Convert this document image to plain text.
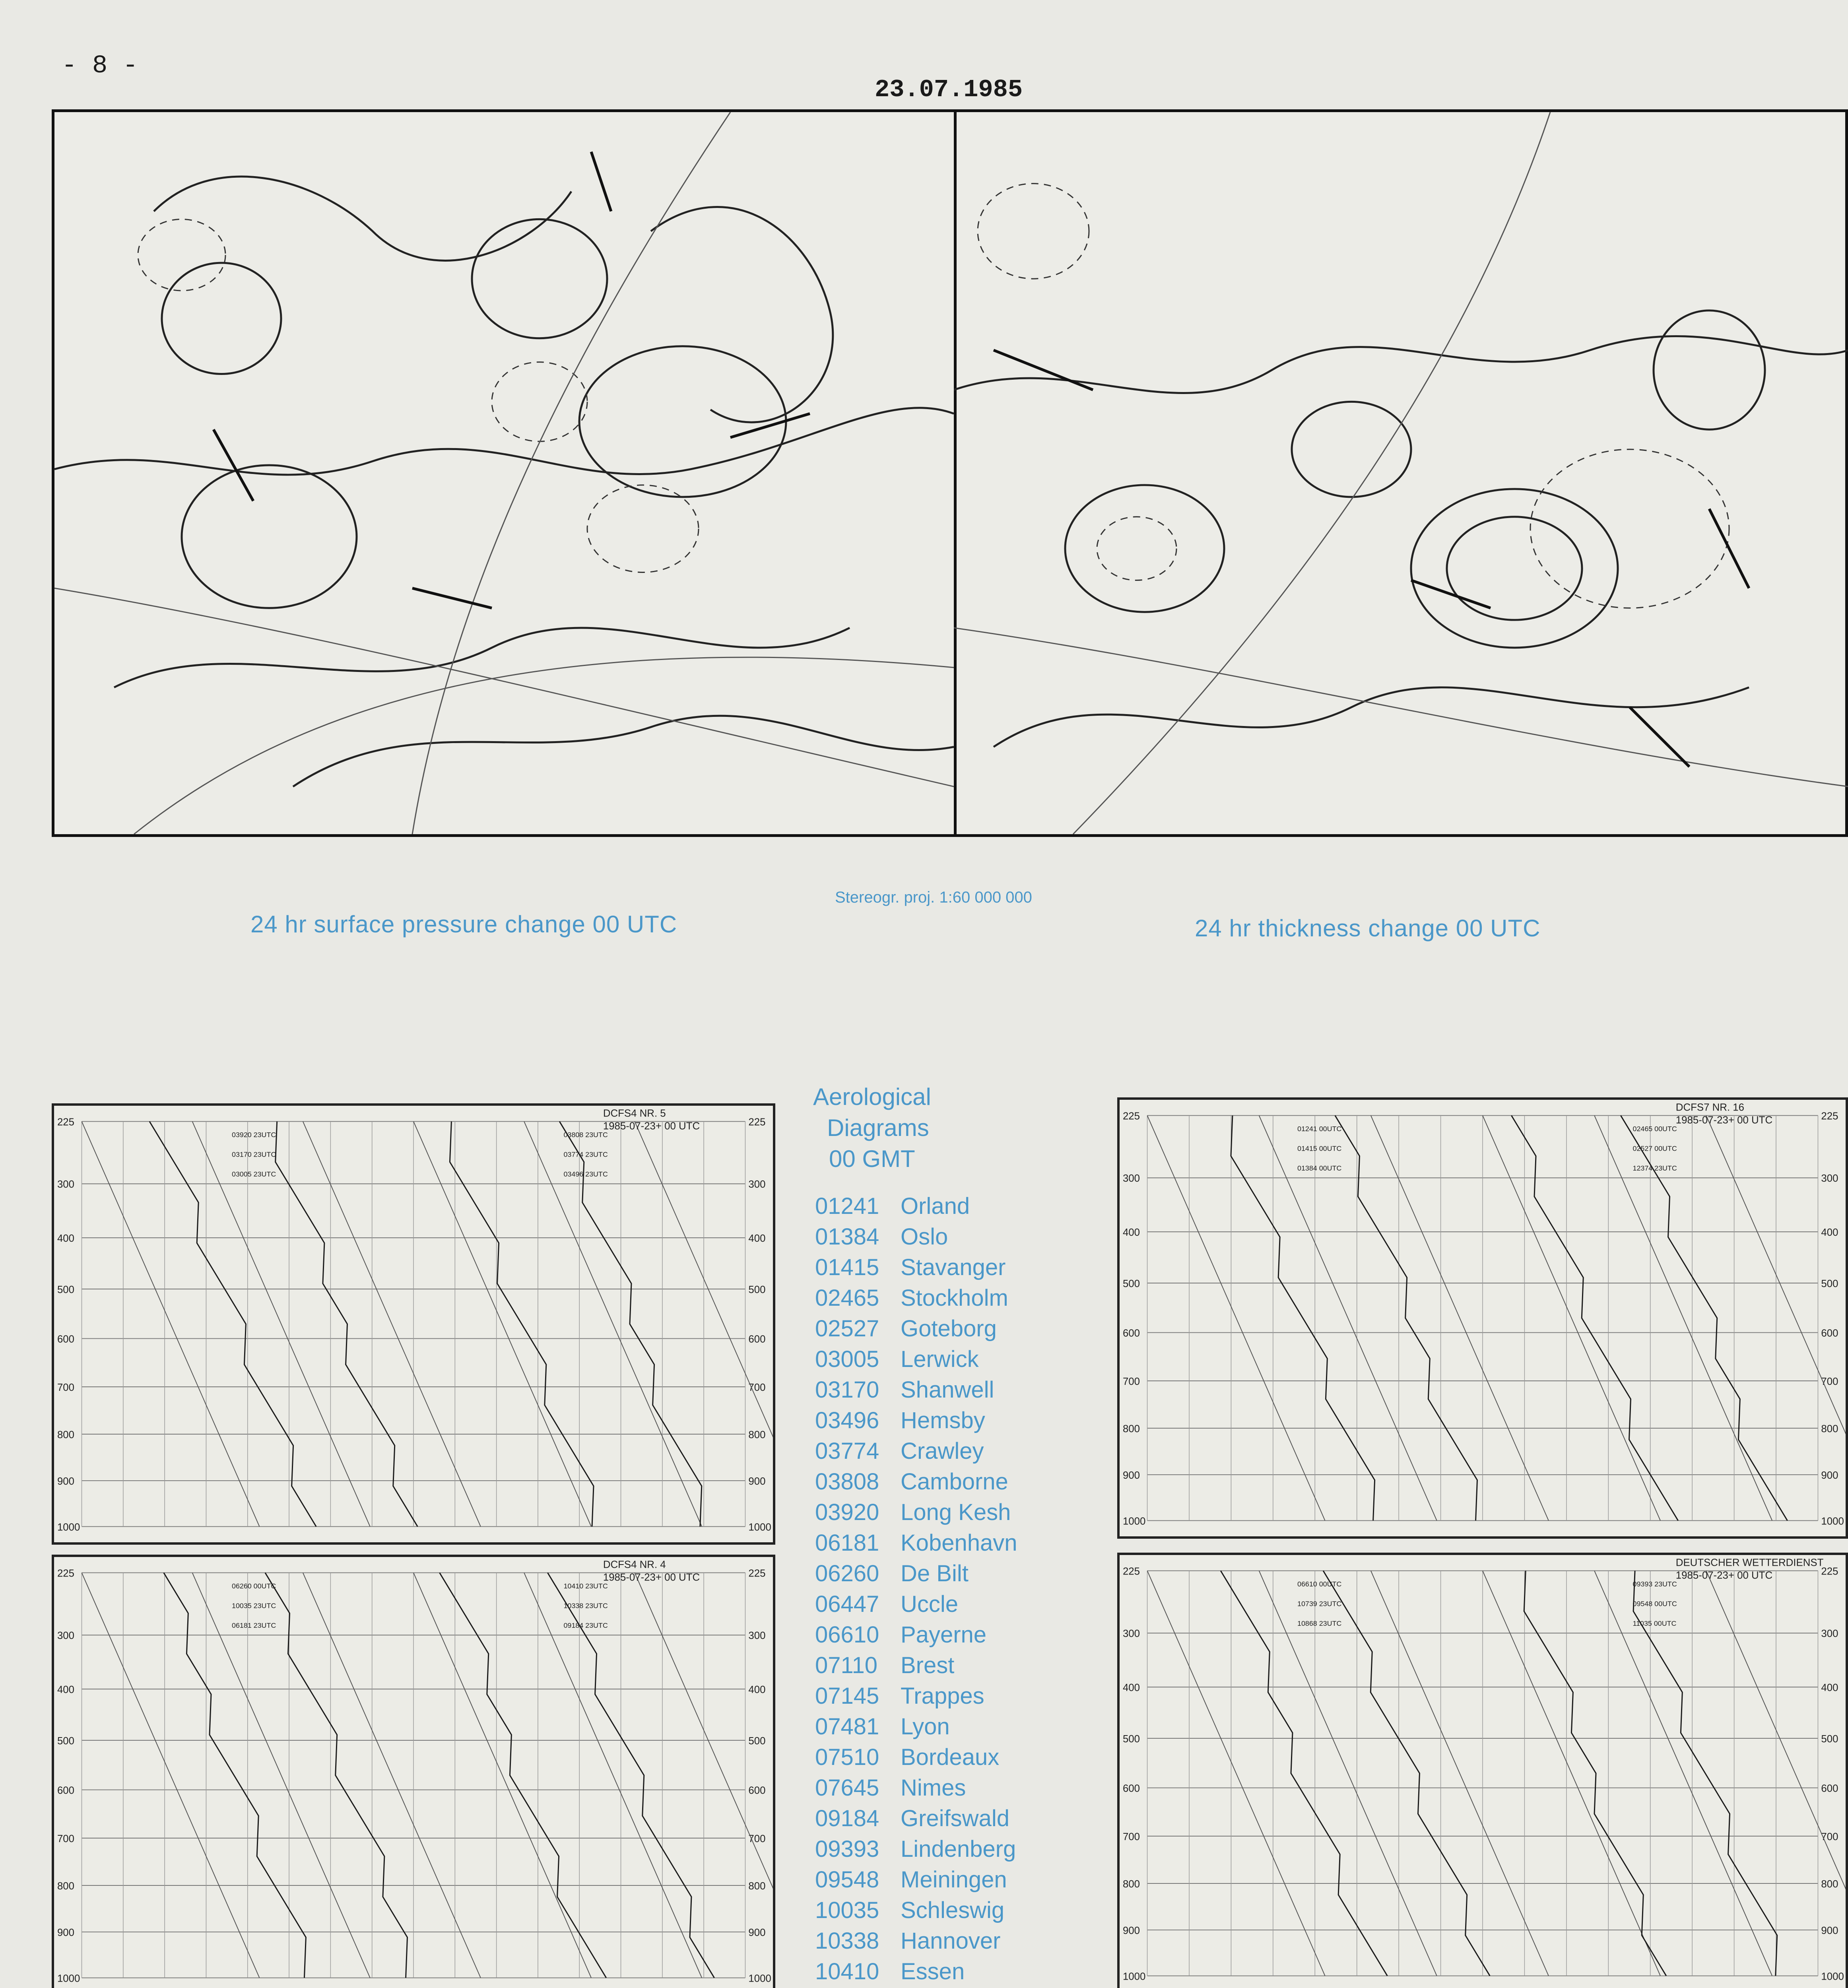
- 8 -
23.07.1985
24 hr surface pressure change 00 UTC
Stereogr. proj. 1:60 000 000
24 hr thickness change 00 UTC
Aerological
Diagrams
00 GMT
01241 Orland
01384 Oslo
01415 Stavanger
02465 Stockholm
02527 Goteborg
03005 Lerwick
03170 Shanwell
03496 Hemsby
03774 Crawley
03808 Camborne
03920 Long Kesh
06181 Kobenhavn
06260 De Bilt
06447 Uccle
06610 Payerne
07110	Brest
07145 Trappes
07481 Lyon
07510 Bordeaux
07645 Nimes
09184 Greifswald
09393 Lindenberg
09548 Meiningen
10035 Schleswig
10338 Hannover
10410 Essen
225	225
300	300
400	400
500	500
600	600
700	700
800	800
900	900
1000	1000
DCFS4 NR. 5
1985-07-23+ 00 UTC
03920 23UTC
03170 23UTC
03005 23UTC
03808 23UTC
03774 23UTC
03496 23UTC
225	225
300	300
400	400
500	500
600	600
700	700
800	800
900	900
1000	1000
DCFS4 NR. 4
1985-07-23+ 00 UTC
06260 00UTC
10035 23UTC
06181 23UTC
10410 23UTC
10338 23UTC
09184 23UTC
225	225
300	300
400	400
500	500
600	600
700	700
800	800
900	900
1000	1000
DCFS7 NR. 16
1985-07-23+ 00 UTC
01241 00UTC
01415 00UTC
01384 00UTC
02465 00UTC
02527 00UTC
12374 23UTC
225	225
300	300
400	400
500	500
600	600
700	700
800	800
900	900
1000	1000
DEUTSCHER WETTERDIENST
1985-07-23+ 00 UTC
06610 00UTC
10739 23UTC
10868 23UTC
09393 23UTC
09548 00UTC
11035 00UTC
